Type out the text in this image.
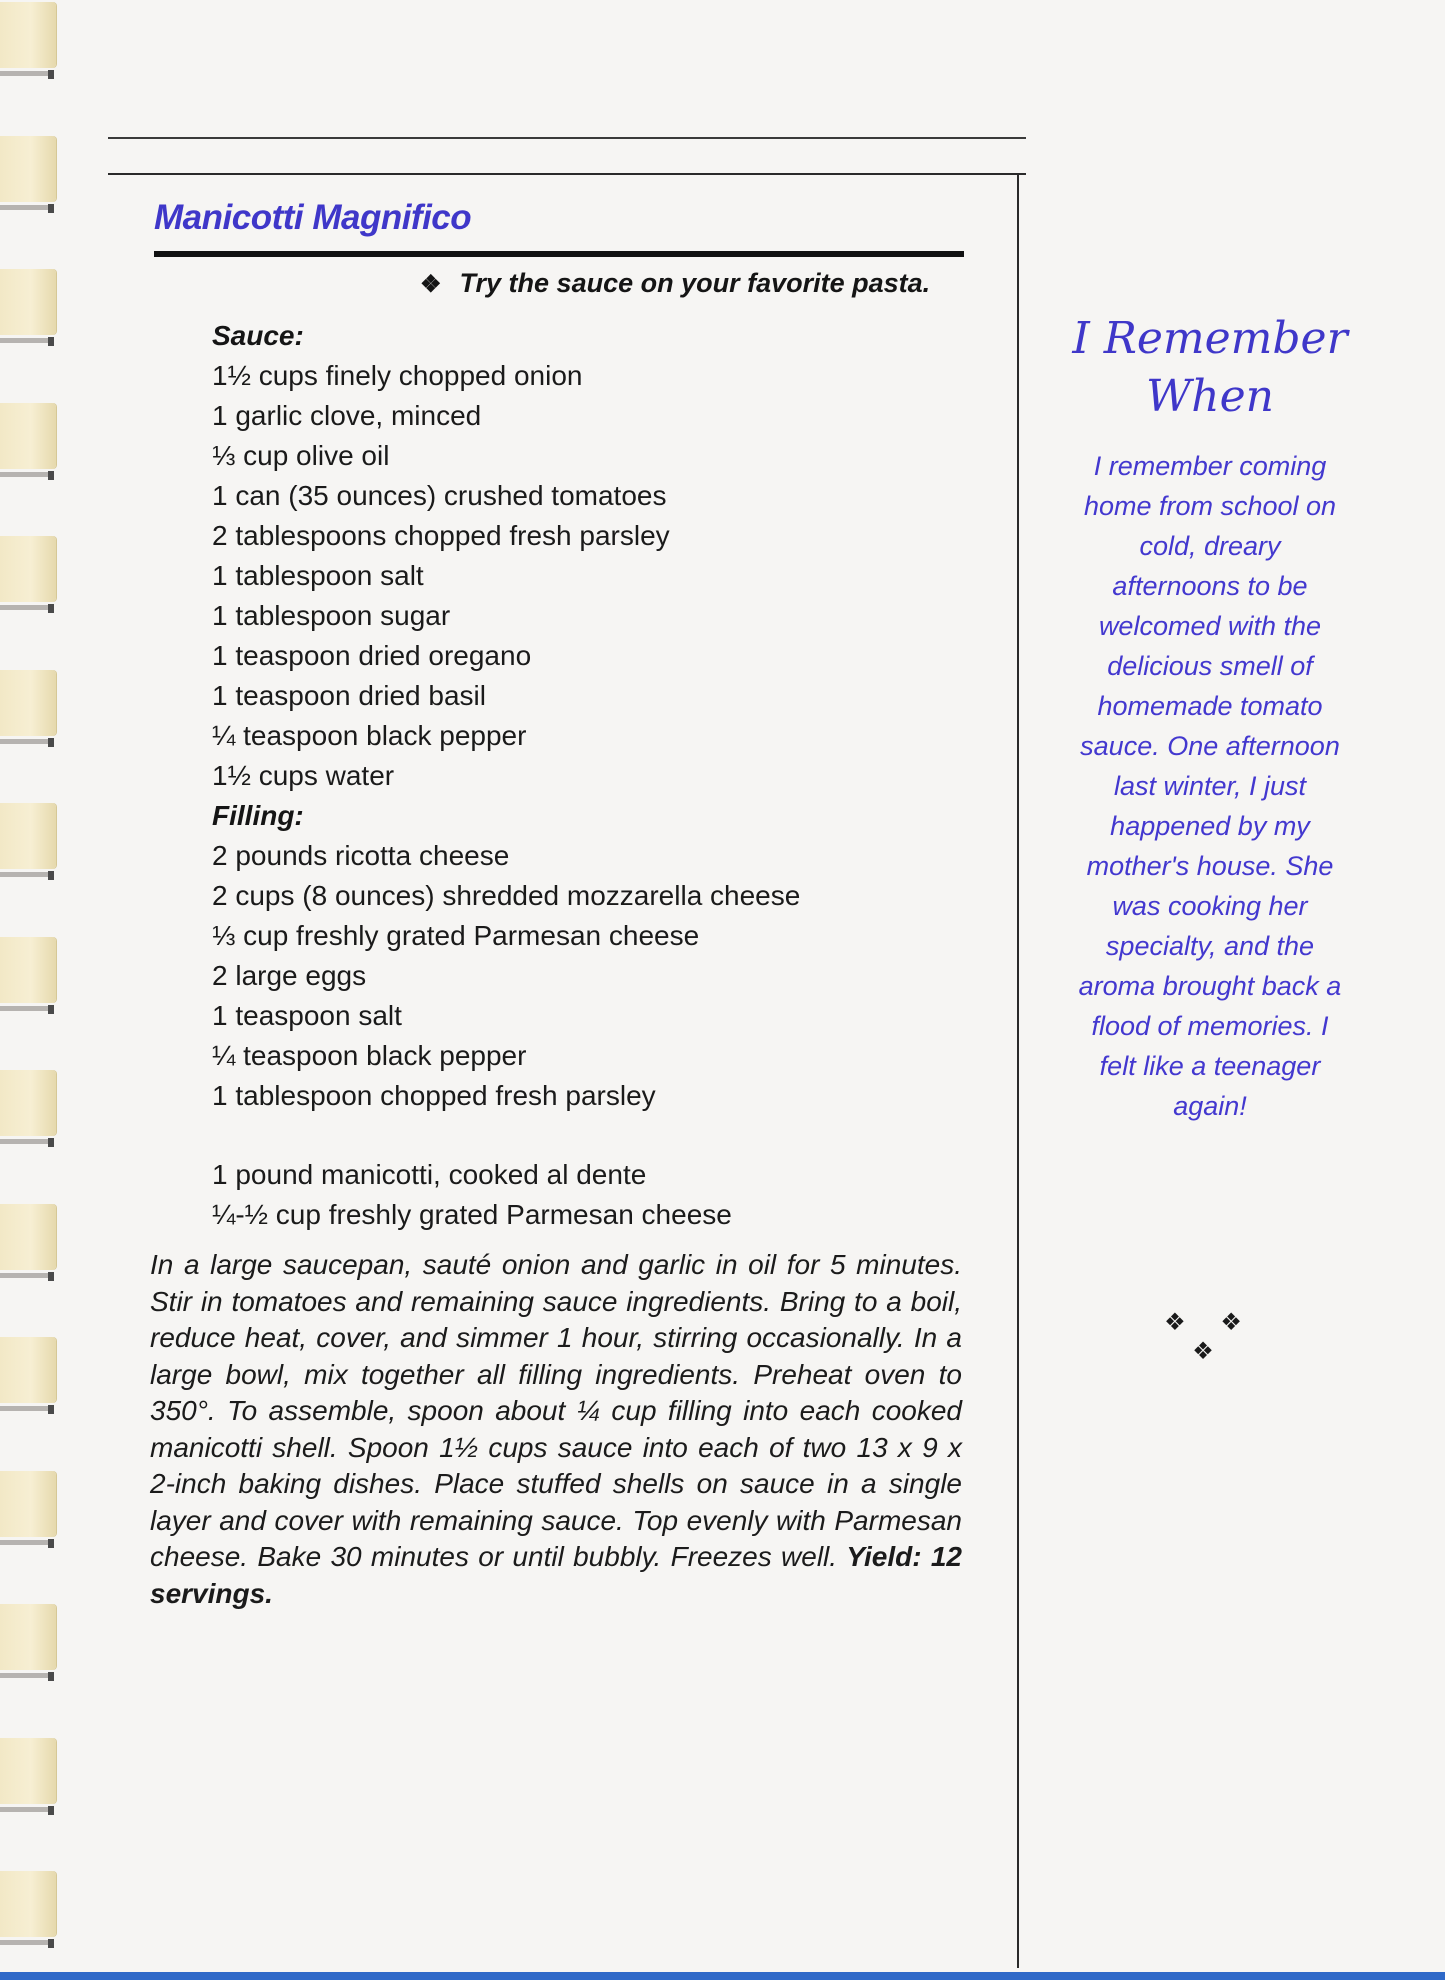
Manicotti Magnifico
❖ Try the sauce on your favorite pasta.
Sauce:
1½ cups finely chopped onion
1 garlic clove, minced
⅓ cup olive oil
1 can (35 ounces) crushed tomatoes
2 tablespoons chopped fresh parsley
1 tablespoon salt
1 tablespoon sugar
1 teaspoon dried oregano
1 teaspoon dried basil
¼ teaspoon black pepper
1½ cups water
Filling:
2 pounds ricotta cheese
2 cups (8 ounces) shredded mozzarella cheese
⅓ cup freshly grated Parmesan cheese
2 large eggs
1 teaspoon salt
¼ teaspoon black pepper
1 tablespoon chopped fresh parsley
1 pound manicotti, cooked al dente
¼-½ cup freshly grated Parmesan cheese
In a large saucepan, sauté onion and garlic in oil for 5 minutes. Stir in tomatoes and remaining sauce ingredients. Bring to a boil, reduce heat, cover, and simmer 1 hour, stirring occasionally. In a large bowl, mix together all filling ingredients. Preheat oven to 350°. To assemble, spoon about ¼ cup filling into each cooked manicotti shell. Spoon 1½ cups sauce into each of two 13 x 9 x 2-inch baking dishes. Place stuffed shells on sauce in a single layer and cover with remaining sauce. Top evenly with Parmesan cheese. Bake 30 minutes or until bubbly. Freezes well. Yield: 12 servings.
I Remember
When
I remember coming home from school on cold, dreary afternoons to be welcomed with the delicious smell of homemade tomato sauce. One afternoon last winter, I just happened by my mother's house. She was cooking her specialty, and the aroma brought back a flood of memories. I felt like a teenager again!
❖ ❖ ❖
